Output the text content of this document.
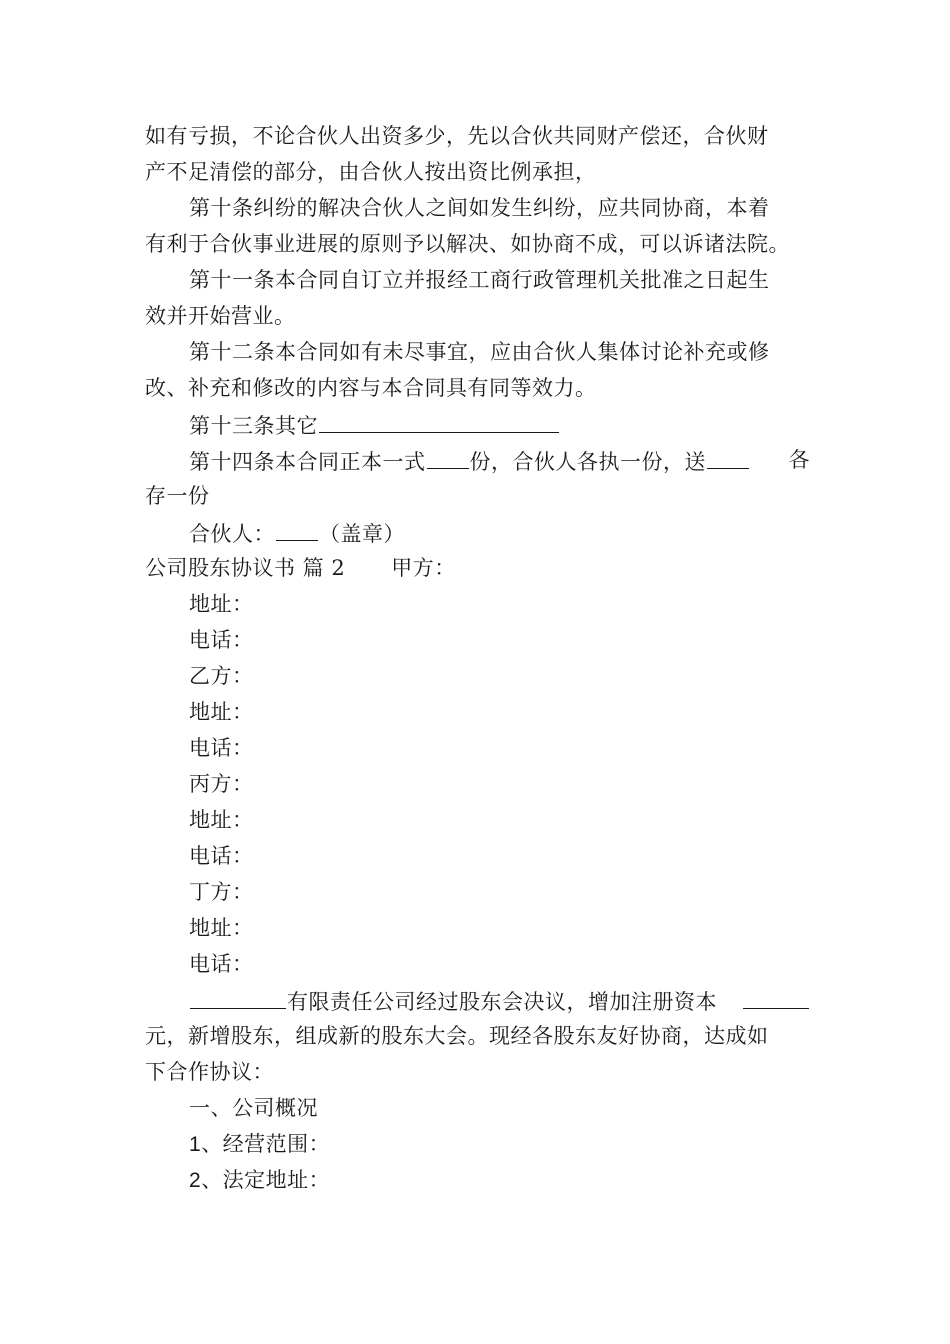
如有亏损，不论合伙人出资多少，先以合伙共同财产偿还，合伙财
产不足清偿的部分，由合伙人按出资比例承担，
第十条纠纷的解决合伙人之间如发生纠纷，应共同协商，本着
有利于合伙事业进展的原则予以解决、如协商不成，可以诉诸法院。
第十一条本合同自订立并报经工商行政管理机关批准之日起生
效并开始营业。
第十二条本合同如有未尽事宜，应由合伙人集体讨论补充或修
改、补充和修改的内容与本合同具有同等效力。
第十三条其它
第十四条本合同正本一式 份，合伙人各执一份，送	各
存一份
合伙人： （盖章）
公司股东协议书 篇 2 甲方：
地址：
电话：
乙方：
地址：
电话：
丙方：
地址：
电话：
丁方：
地址：
电话：
有限责任公司经过股东会决议，增加注册资本
元，新增股东，组成新的股东大会。现经各股东友好协商，达成如
下合作协议：
一、公司概况
1、经营范围：
2、法定地址：
